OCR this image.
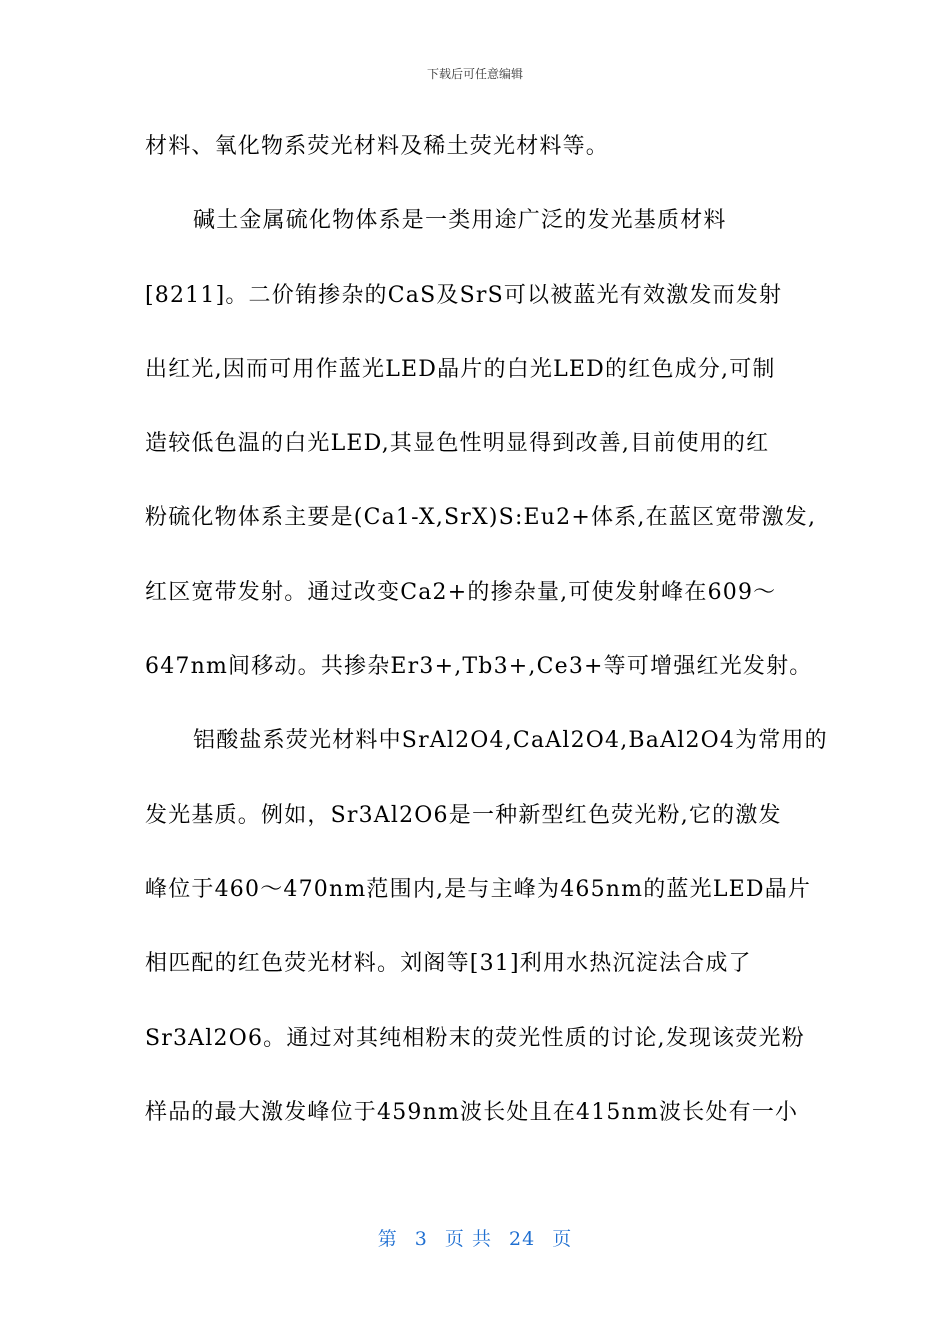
下载后可任意编辑
材料、氧化物系荧光材料及稀土荧光材料等。
碱土金属硫化物体系是一类用途广泛的发光基质材料
[8211]。二价铕掺杂的CaS及SrS可以被蓝光有效激发而发射
出红光,因而可用作蓝光LED晶片的白光LED的红色成分,可制
造较低色温的白光LED,其显色性明显得到改善,目前使用的红
粉硫化物体系主要是(Ca1-X,SrX)S:Eu2+体系,在蓝区宽带激发,
红区宽带发射。通过改变Ca2+的掺杂量,可使发射峰在609～
647nm间移动。共掺杂Er3+,Tb3+,Ce3+等可增强红光发射。
铝酸盐系荧光材料中SrAl2O4,CaAl2O4,BaAl2O4为常用的
发光基质。例如，Sr3Al2O6是一种新型红色荧光粉,它的激发
峰位于460～470nm范围内,是与主峰为465nm的蓝光LED晶片
相匹配的红色荧光材料。刘阁等[31]利用水热沉淀法合成了
Sr3Al2O6。通过对其纯相粉末的荧光性质的讨论,发现该荧光粉
样品的最大激发峰位于459nm波长处且在415nm波长处有一小
第 3 页 共 24 页
